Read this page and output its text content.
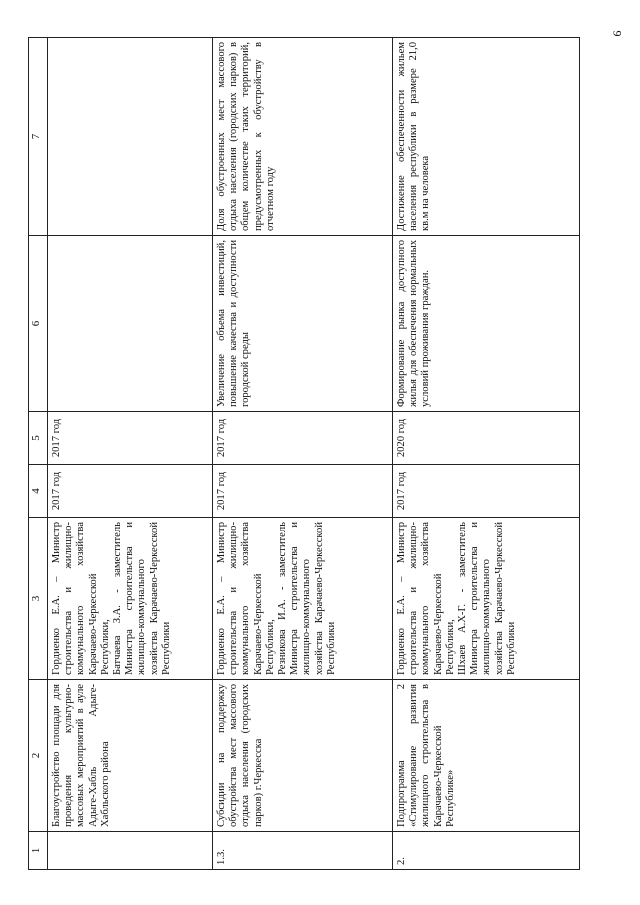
9
1	2	3	4	5	6	7
	Благоустройство площади для проведения культурно-массовых мероприятий в ауле Адыге-Хабль Адыге-Хабльского района	Гордиенко Е.А. – Министр строительства и жилищно-коммунального хозяйства Карачаево-Черкесской Республики, Батчаева З.А. - заместитель Министра строительства и жилищно-коммунального хозяйства Карачаево-Черкесской Республики	2017 год	2017 год		

1.3.	Субсидии на поддержку обустройства мест массового отдыха населения (городских парков) г.Черкесска	Гордиенко Е.А. – Министр строительства и жилищно-коммунального хозяйства Карачаево-Черкесской Республики, Резникова И.А. - заместитель Министра строительства и жилищно-коммунального хозяйства Карачаево-Черкесской Республики	2017 год	2017 год	Увеличение объема инвестиций, повышение качества и доступности городской среды	Доля обустроенных мест массового отдыха населения (городских парков) в общем количестве таких территорий, предусмотренных к обустройству в отчетном году
2.	Подпрограмма 2 «Стимулирование развития жилищного строительства в Карачаево-Черкесской Республике»	Гордиенко Е.А. – Министр строительства и жилищно-коммунального хозяйства Карачаево-Черкесской Республики, Шхаев А.Х-Г. - заместитель Министра строительства и жилищно-коммунального хозяйства Карачаево-Черкесской Республики	2017 год	2020 год	Формирование рынка доступного жилья для обеспечения нормальных условий проживания граждан.	Достижение обеспеченности жильем населения республики в размере 21,0 кв.м на человека
